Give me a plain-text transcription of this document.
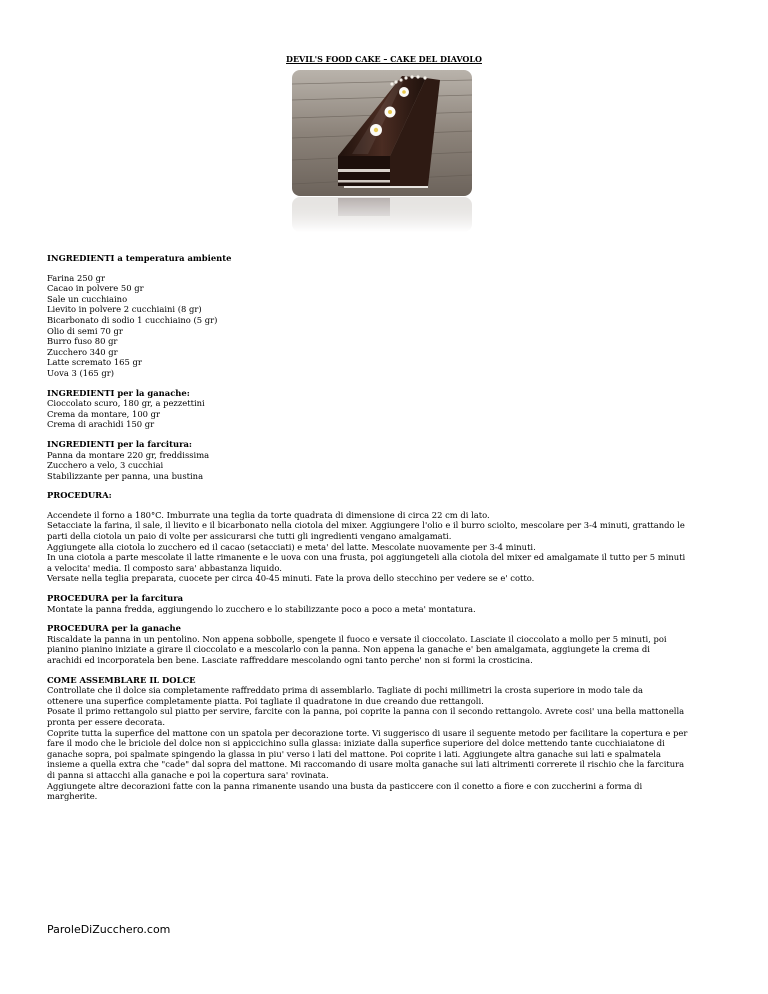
DEVIL'S FOOD CAKE – CAKE DEL DIAVOLO

INGREDIENTI a temperatura ambiente

Farina 250 gr

Cacao in polvere 50 gr

Sale un cucchiaino

Lievito in polvere 2 cucchiaini (8 gr)

Bicarbonato di sodio 1 cucchiaino (5 gr)

Olio di semi 70 gr

Burro fuso 80 gr

Zucchero 340 gr

Latte scremato 165 gr

Uova 3 (165 gr)

INGREDIENTI per la ganache:

Cioccolato scuro, 180 gr, a pezzettini

Crema da montare, 100 gr

Crema di arachidi 150 gr

INGREDIENTI per la farcitura:

Panna da montare 220 gr, freddissima

Zucchero a velo, 3 cucchiai

Stabilizzante per panna, una bustina

PROCEDURA:

Accendete il forno a 180°C. Imburrate una teglia da torte quadrata di dimensione di circa 22 cm di lato.

Setacciate la farina, il sale, il lievito e il bicarbonato nella ciotola del mixer. Aggiungere l'olio e il burro sciolto, mescolare per 3-4 minuti, grattando le

parti della ciotola un paio di volte per assicurarsi che tutti gli ingredienti vengano amalgamati.

Aggiungete alla ciotola lo zucchero ed il cacao (setacciati) e meta' del latte. Mescolate nuovamente per 3-4 minuti.

In una ciotola a parte mescolate il latte rimanente e le uova con una frusta, poi aggiungeteli alla ciotola del mixer ed amalgamate il tutto per 5 minuti

a velocita' media. Il composto sara' abbastanza liquido.

Versate nella teglia preparata, cuocete per circa 40-45 minuti. Fate la prova dello stecchino per vedere se e' cotto.

PROCEDURA per la farcitura

Montate la panna fredda, aggiungendo lo zucchero e lo stabilizzante poco a poco a meta' montatura.

PROCEDURA per la ganache

Riscaldate la panna in un pentolino. Non appena sobbolle, spengete il fuoco e versate il cioccolato. Lasciate il cioccolato a mollo per 5 minuti, poi

pianino pianino iniziate a girare il cioccolato e a mescolarlo con la panna. Non appena la ganache e' ben amalgamata, aggiungete la crema di

arachidi ed incorporatela ben bene. Lasciate raffreddare mescolando ogni tanto perche' non si formi la crosticina.

COME ASSEMBLARE IL DOLCE

Controllate che il dolce sia completamente raffreddato prima di assemblarlo. Tagliate di pochi millimetri la crosta superiore in modo tale da

ottenere una superfice completamente piatta. Poi tagliate il quadratone in due creando due rettangoli.

Posate il primo rettangolo sul piatto per servire, farcite con la panna, poi coprite la panna con il secondo rettangolo. Avrete cosi' una bella mattonella

pronta per essere decorata.

Coprite tutta la superfice del mattone con un spatola per decorazione torte. Vi suggerisco di usare il seguente metodo per facilitare la copertura e per

fare il modo che le briciole del dolce non si appiccichino sulla glassa: iniziate dalla superfice superiore del dolce mettendo tante cucchiaiatone di

ganache sopra, poi spalmate spingendo la glassa in piu' verso i lati del mattone. Poi coprite i lati. Aggiungete altra ganache sui lati e spalmatela

insieme a quella extra che "cade" dal sopra del mattone. Mi raccomando di usare molta ganache sui lati altrimenti correrete il rischio che la farcitura

di panna si attacchi alla ganache e poi la copertura sara' rovinata.

Aggiungete altre decorazioni fatte con la panna rimanente usando una busta da pasticcere con il conetto a fiore e con zuccherini a forma di

margherite.

ParoleDiZucchero.com
